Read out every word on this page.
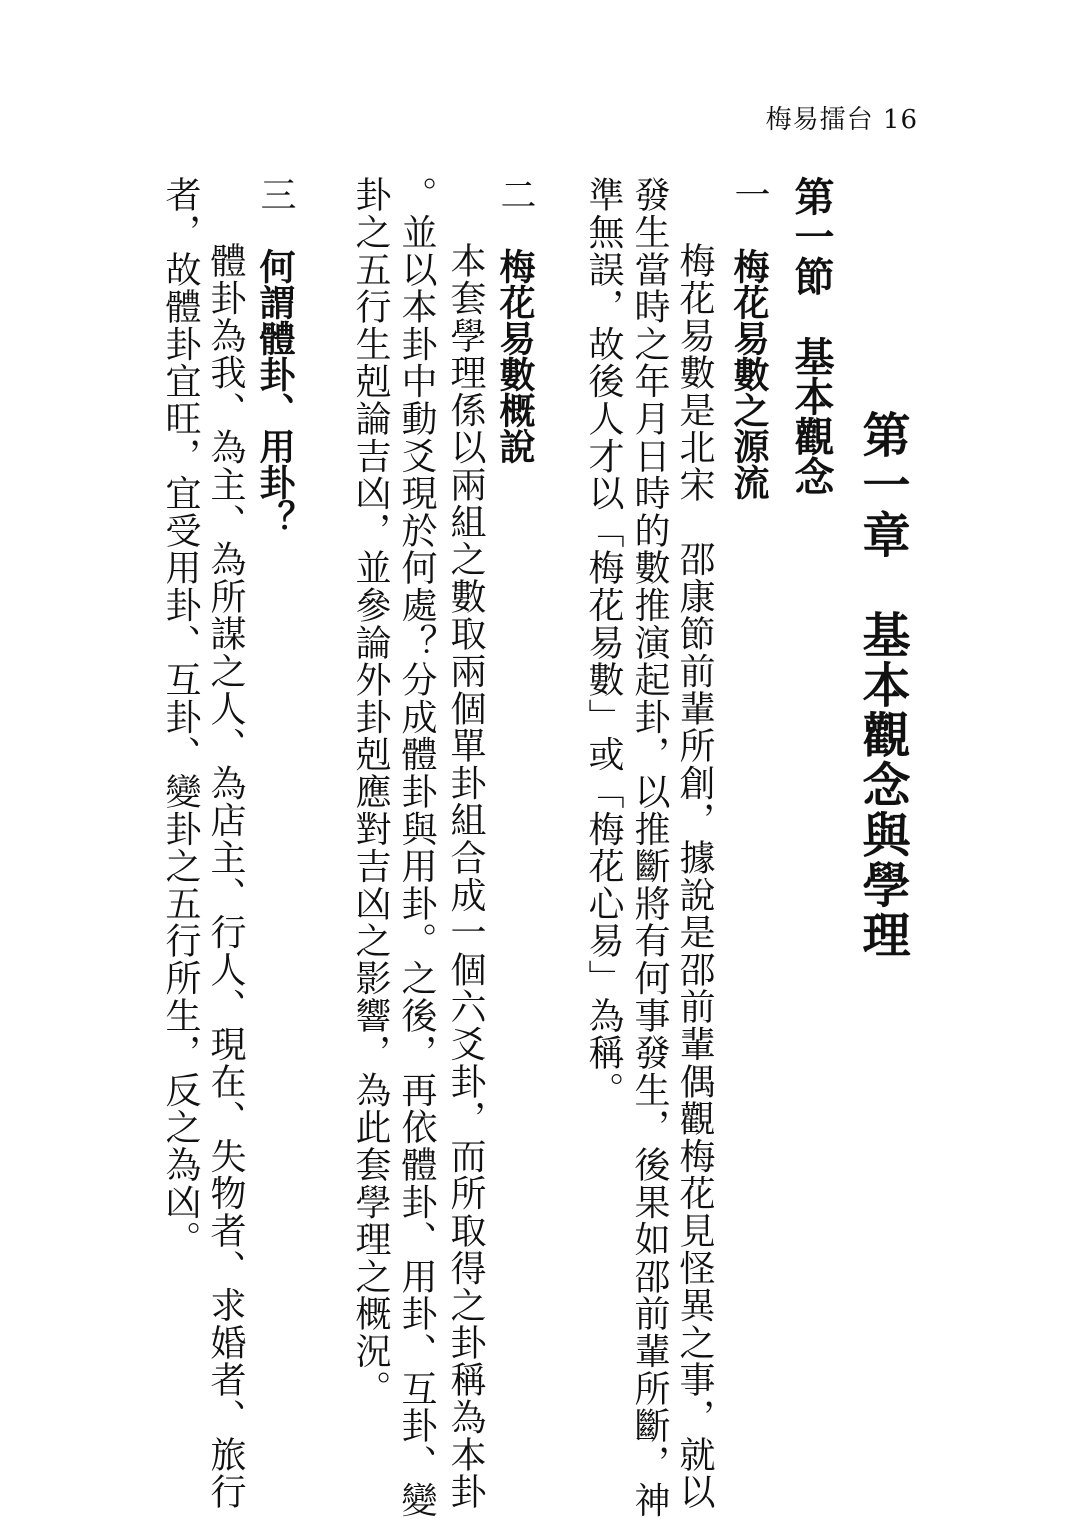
梅易擂台 16
第一章　基本觀念與學理
第一節　基本觀念
一　梅花易數之源流
梅花易數是北宋　邵康節前輩所創，據說是邵前輩偶觀梅花見怪異之事，就以
發生當時之年月日時的數推演起卦，以推斷將有何事發生，後果如邵前輩所斷，神
準無誤，故後人才以「梅花易數」或「梅花心易」為稱。
二　梅花易數概說
本套學理係以兩組之數取兩個單卦組合成一個六爻卦，而所取得之卦稱為本卦
。並以本卦中動爻現於何處？分成體卦與用卦。之後，再依體卦、用卦、互卦、變
卦之五行生剋論吉凶，並參論外卦剋應對吉凶之影響，為此套學理之概況。
三　何謂體卦、用卦？
體卦為我、為主、為所謀之人、為店主、行人、現在、失物者、求婚者、旅行
者，故體卦宜旺，宜受用卦、互卦、變卦之五行所生，反之為凶。
